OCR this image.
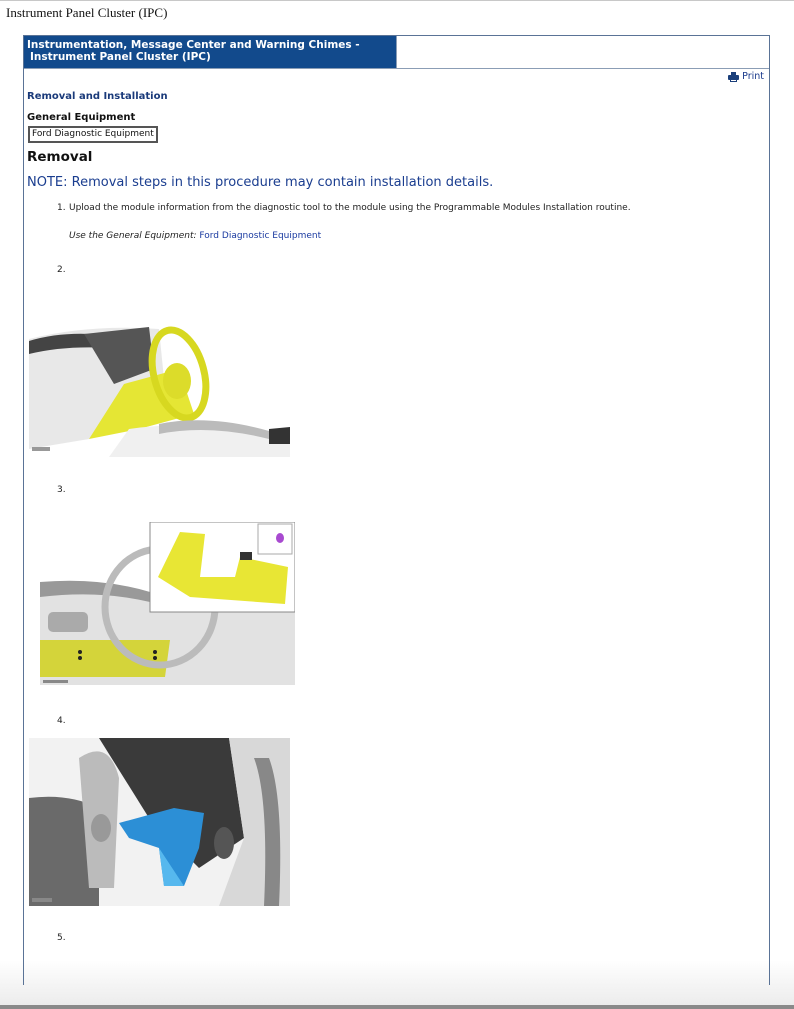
Instrument Panel Cluster (IPC)
Instrumentation, Message Center and Warning Chimes -
Instrument Panel Cluster (IPC)
Print
Removal and Installation
General Equipment
Ford Diagnostic Equipment
Removal
NOTE: Removal steps in this procedure may contain installation details.
1. Upload the module information from the diagnostic tool to the module using the Programmable Modules Installation routine.
Use the General Equipment: Ford Diagnostic Equipment
2.
3.
4.
5.
